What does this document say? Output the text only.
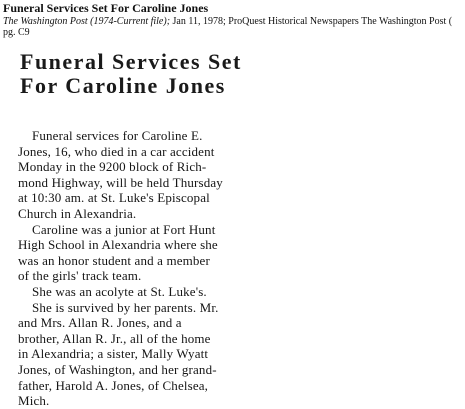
Funeral Services Set For Caroline Jones
The Washington Post (1974-Current file); Jan 11, 1978; ProQuest Historical Newspapers The Washington Post (
pg. C9
Funeral Services Set
For Caroline Jones
Funeral services for Caroline E.
Jones, 16, who died in a car accident
Monday in the 9200 block of Rich-
mond Highway, will be held Thursday
at 10:30 am. at St. Luke's Episcopal
Church in Alexandria.
Caroline was a junior at Fort Hunt
High School in Alexandria where she
was an honor student and a member
of the girls' track team.
She was an acolyte at St. Luke's.
She is survived by her parents. Mr.
and Mrs. Allan R. Jones, and a
brother, Allan R. Jr., all of the home
in Alexandria; a sister, Mally Wyatt
Jones, of Washington, and her grand-
father, Harold A. Jones, of Chelsea,
Mich.
